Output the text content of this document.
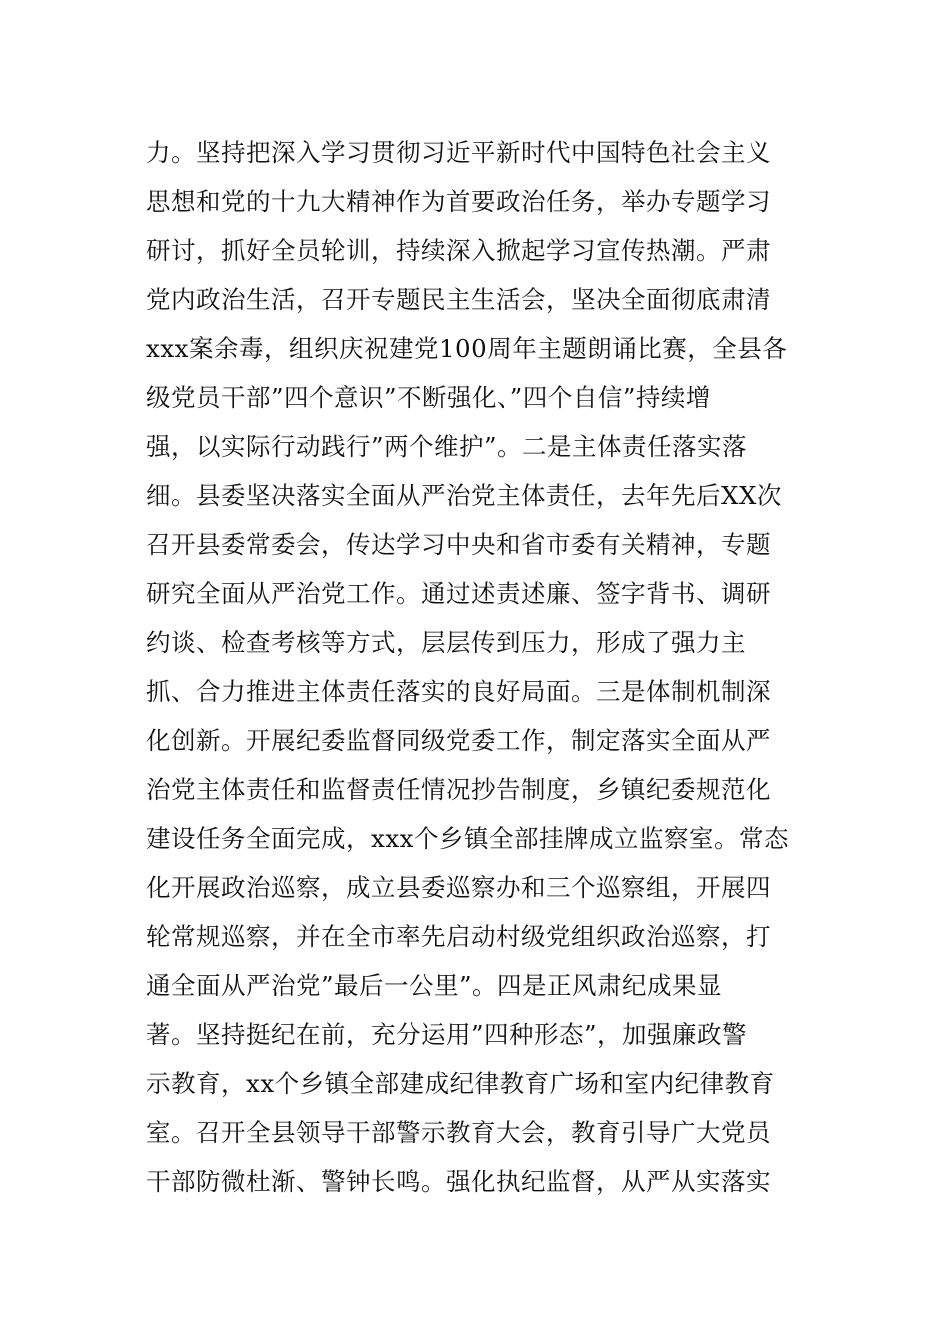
力。坚持把深入学习贯彻习近平新时代中国特色社会主义
思想和党的十九大精神作为首要政治任务，举办专题学习
研讨，抓好全员轮训，持续深入掀起学习宣传热潮。严肃
党内政治生活，召开专题民主生活会，坚决全面彻底肃清
xxx案余毒，组织庆祝建党100周年主题朗诵比赛，全县各
级党员干部”四个意识”不断强化、”四个自信”持续增
强，以实际行动践行”两个维护”。二是主体责任落实落
细。县委坚决落实全面从严治党主体责任，去年先后XX次
召开县委常委会，传达学习中央和省市委有关精神，专题
研究全面从严治党工作。通过述责述廉、签字背书、调研
约谈、检查考核等方式，层层传到压力，形成了强力主
抓、合力推进主体责任落实的良好局面。三是体制机制深
化创新。开展纪委监督同级党委工作，制定落实全面从严
治党主体责任和监督责任情况抄告制度，乡镇纪委规范化
建设任务全面完成，xxx个乡镇全部挂牌成立监察室。常态
化开展政治巡察，成立县委巡察办和三个巡察组，开展四
轮常规巡察，并在全市率先启动村级党组织政治巡察，打
通全面从严治党”最后一公里”。四是正风肃纪成果显
著。坚持挺纪在前，充分运用”四种形态”，加强廉政警
示教育，xx个乡镇全部建成纪律教育广场和室内纪律教育
室。召开全县领导干部警示教育大会，教育引导广大党员
干部防微杜渐、警钟长鸣。强化执纪监督，从严从实落实
